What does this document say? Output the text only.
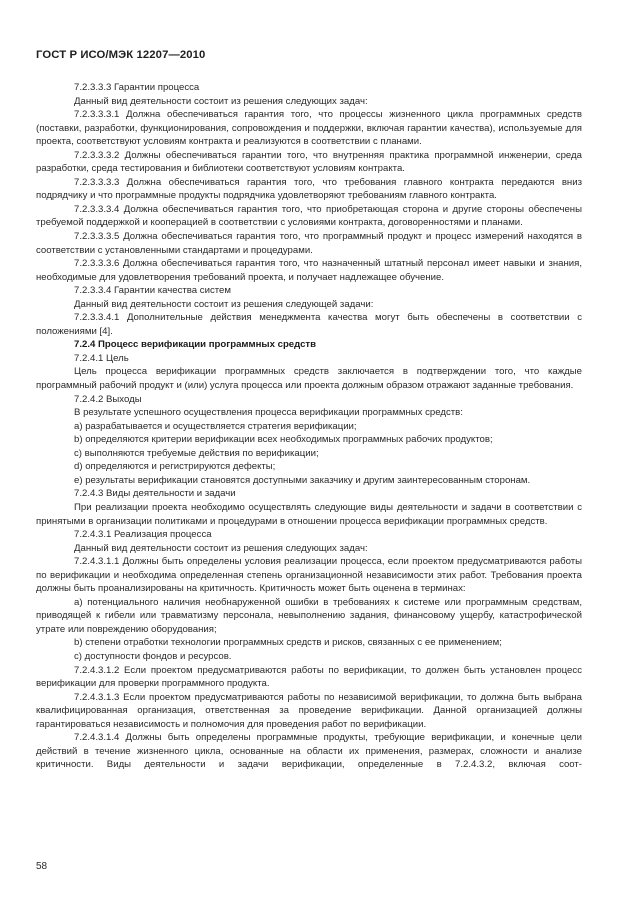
ГОСТ Р ИСО/МЭК 12207—2010

7.2.3.3.3 Гарантии процесса

Данный вид деятельности состоит из решения следующих задач:

7.2.3.3.3.1 Должна обеспечиваться гарантия того, что процессы жизненного цикла программных средств (поставки, разработки, функционирования, сопровождения и поддержки, включая гарантии качества), используемые для проекта, соответствуют условиям контракта и реализуются в соответствии с планами.

7.2.3.3.3.2 Должны обеспечиваться гарантии того, что внутренняя практика программной инженерии, среда разработки, среда тестирования и библиотеки соответствуют условиям контракта.

7.2.3.3.3.3 Должна обеспечиваться гарантия того, что требования главного контракта передаются вниз подрядчику и что программные продукты подрядчика удовлетворяют требованиям главного контракта.

7.2.3.3.3.4 Должна обеспечиваться гарантия того, что приобретающая сторона и другие стороны обеспечены требуемой поддержкой и кооперацией в соответствии с условиями контракта, договоренностями и планами.

7.2.3.3.3.5 Должна обеспечиваться гарантия того, что программный продукт и процесс измерений находятся в соответствии с установленными стандартами и процедурами.

7.2.3.3.3.6 Должна обеспечиваться гарантия того, что назначенный штатный персонал имеет навыки и знания, необходимые для удовлетворения требований проекта, и получает надлежащее обучение.

7.2.3.3.4 Гарантии качества систем

Данный вид деятельности состоит из решения следующей задачи:

7.2.3.3.4.1 Дополнительные действия менеджмента качества могут быть обеспечены в соответствии с положениями [4].

7.2.4 Процесс верификации программных средств

7.2.4.1 Цель

Цель процесса верификации программных средств заключается в подтверждении того, что каждые программный рабочий продукт и (или) услуга процесса или проекта должным образом отражают заданные требования.

7.2.4.2 Выходы

В результате успешного осуществления процесса верификации программных средств:

a) разрабатывается и осуществляется стратегия верификации;

b) определяются критерии верификации всех необходимых программных рабочих продуктов;

c) выполняются требуемые действия по верификации;

d) определяются и регистрируются дефекты;

e) результаты верификации становятся доступными заказчику и другим заинтересованным сторонам.

7.2.4.3 Виды деятельности и задачи

При реализации проекта необходимо осуществлять следующие виды деятельности и задачи в соответствии с принятыми в организации политиками и процедурами в отношении процесса верификации программных средств.

7.2.4.3.1 Реализация процесса

Данный вид деятельности состоит из решения следующих задач:

7.2.4.3.1.1 Должны быть определены условия реализации процесса, если проектом предусматриваются работы по верификации и необходима определенная степень организационной независимости этих работ. Требования проекта должны быть проанализированы на критичность. Критичность может быть оценена в терминах:

a) потенциального наличия необнаруженной ошибки в требованиях к системе или программным средствам, приводящей к гибели или травматизму персонала, невыполнению задания, финансовому ущербу, катастрофической утрате или повреждению оборудования;

b) степени отработки технологии программных средств и рисков, связанных с ее применением;

c) доступности фондов и ресурсов.

7.2.4.3.1.2 Если проектом предусматриваются работы по верификации, то должен быть установлен процесс верификации для проверки программного продукта.

7.2.4.3.1.3 Если проектом предусматриваются работы по независимой верификации, то должна быть выбрана квалифицированная организация, ответственная за проведение верификации. Данной организацией должны гарантироваться независимость и полномочия для проведения работ по верификации.

7.2.4.3.1.4 Должны быть определены программные продукты, требующие верификации, и конечные цели действий в течение жизненного цикла, основанные на области их применения, размерах, сложности и анализе критичности. Виды деятельности и задачи верификации, определенные в 7.2.4.3.2, включая сoот-

58
